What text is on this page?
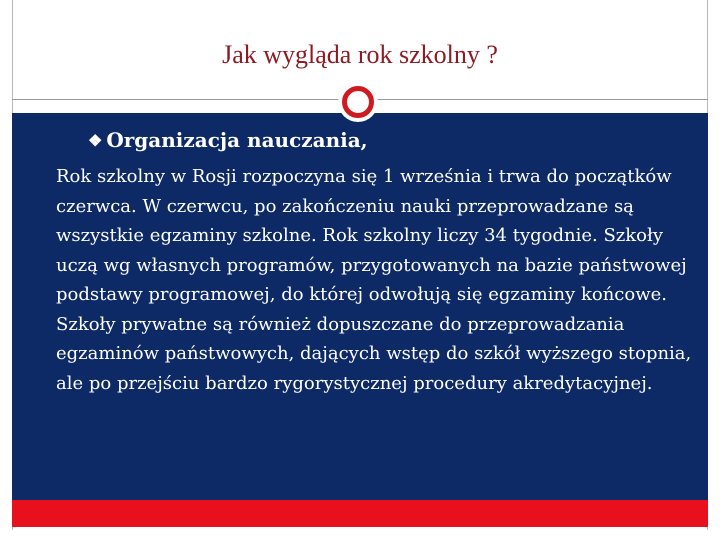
Jak wygląda rok szkolny ?
❖ Organizacja nauczania,
Rok szkolny w Rosji rozpoczyna się 1 września i trwa do początków czerwca. W czerwcu, po zakończeniu nauki przeprowadzane są wszystkie egzaminy szkolne. Rok szkolny liczy 34 tygodnie. Szkoły uczą wg własnych programów, przygotowanych na bazie państwowej podstawy programowej, do której odwołują się egzaminy końcowe. Szkoły prywatne są również dopuszczane do przeprowadzania egzaminów państwowych, dających wstęp do szkół wyższego stopnia, ale po przejściu bardzo rygorystycznej procedury akredytacyjnej.
